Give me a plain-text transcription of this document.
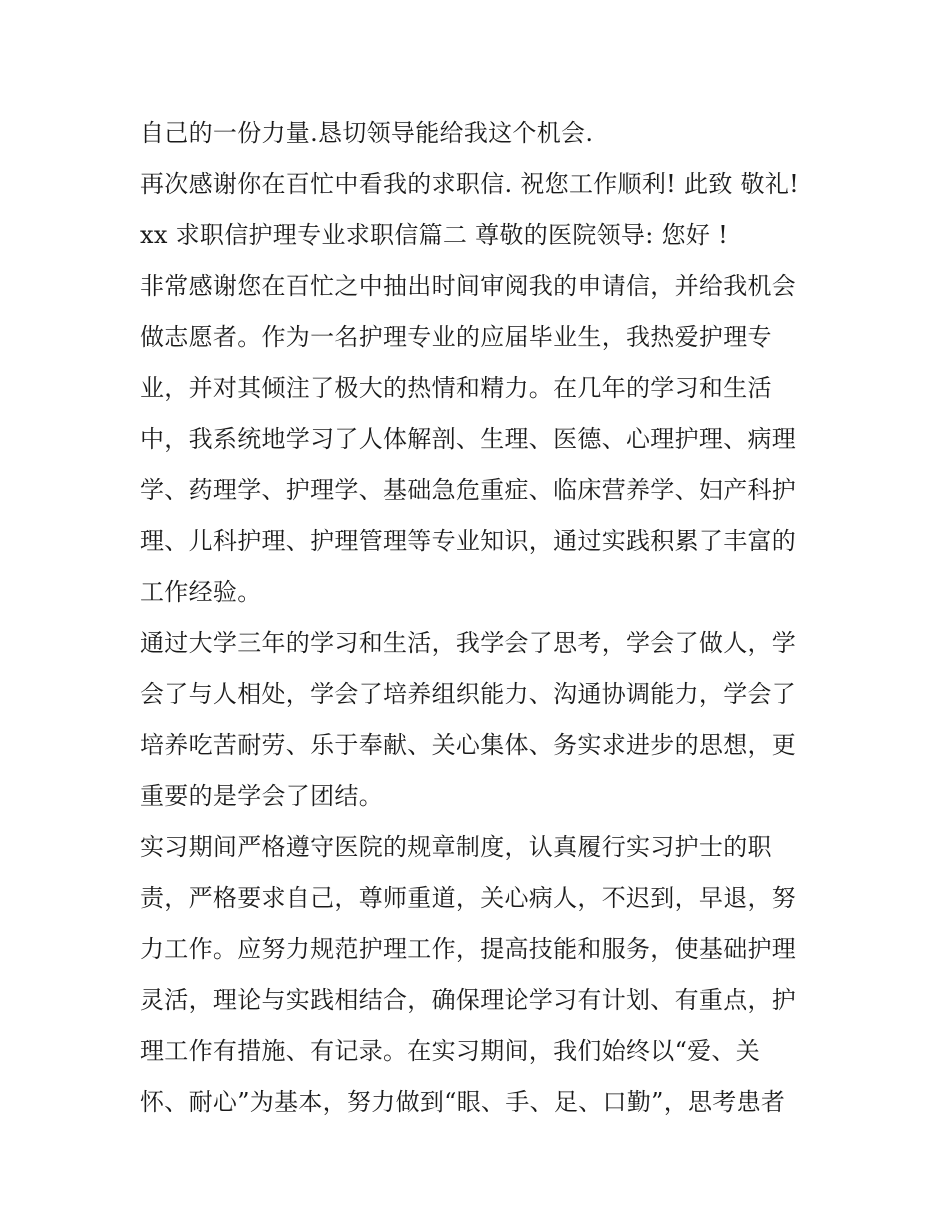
自己的一份力量.恳切领导能给我这个机会.

再次感谢你在百忙中看我的求职信. 祝您工作顺利! 此致 敬礼!

xx 求职信护理专业求职信篇二 尊敬的医院领导: 您好 !

非常感谢您在百忙之中抽出时间审阅我的申请信，并给我机会

做志愿者。作为一名护理专业的应届毕业生，我热爱护理专

业，并对其倾注了极大的热情和精力。在几年的学习和生活

中，我系统地学习了人体解剖、生理、医德、心理护理、病理

学、药理学、护理学、基础急危重症、临床营养学、妇产科护

理、儿科护理、护理管理等专业知识，通过实践积累了丰富的

工作经验。

通过大学三年的学习和生活，我学会了思考，学会了做人，学

会了与人相处，学会了培养组织能力、沟通协调能力，学会了

培养吃苦耐劳、乐于奉献、关心集体、务实求进步的思想，更

重要的是学会了团结。

实习期间严格遵守医院的规章制度，认真履行实习护士的职

责，严格要求自己，尊师重道，关心病人，不迟到，早退，努

力工作。应努力规范护理工作，提高技能和服务，使基础护理

灵活，理论与实践相结合，确保理论学习有计划、有重点，护

理工作有措施、有记录。在实习期间，我们始终以“爱、关

怀、耐心”为基本，努力做到“眼、手、足、口勤”，思考患者
